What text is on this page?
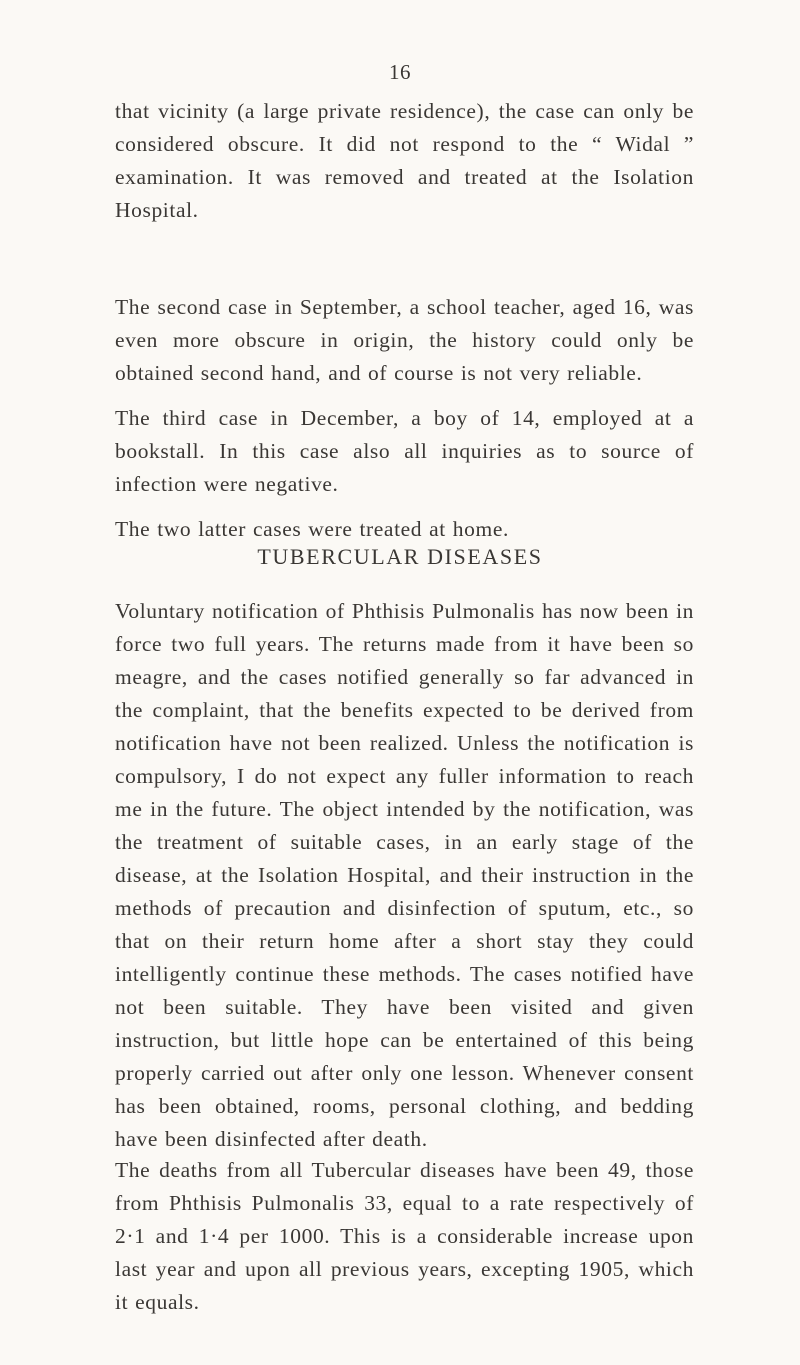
16

that vicinity (a large private residence), the case can only be considered obscure. It did not respond to the “ Widal ” examination. It was removed and treated at the Isolation Hospital.

The second case in September, a school teacher, aged 16, was even more obscure in origin, the history could only be obtained second hand, and of course is not very reliable.

The third case in December, a boy of 14, employed at a bookstall. In this case also all inquiries as to source of infection were negative.

The two latter cases were treated at home.

TUBERCULAR DISEASES

Voluntary notification of Phthisis Pulmonalis has now been in force two full years. The returns made from it have been so meagre, and the cases notified generally so far advanced in the complaint, that the benefits expected to be derived from notification have not been realized. Unless the notification is compulsory, I do not expect any fuller information to reach me in the future. The object intended by the notification, was the treatment of suitable cases, in an early stage of the disease, at the Isolation Hospital, and their instruction in the methods of precaution and disinfection of sputum, etc., so that on their return home after a short stay they could intelligently continue these methods. The cases notified have not been suitable. They have been visited and given instruction, but little hope can be entertained of this being properly carried out after only one lesson. Whenever consent has been obtained, rooms, personal clothing, and bedding have been disinfected after death.

The deaths from all Tubercular diseases have been 49, those from Phthisis Pulmonalis 33, equal to a rate respectively of 2·1 and 1·4 per 1000. This is a considerable increase upon last year and upon all previous years, excepting 1905, which it equals.
